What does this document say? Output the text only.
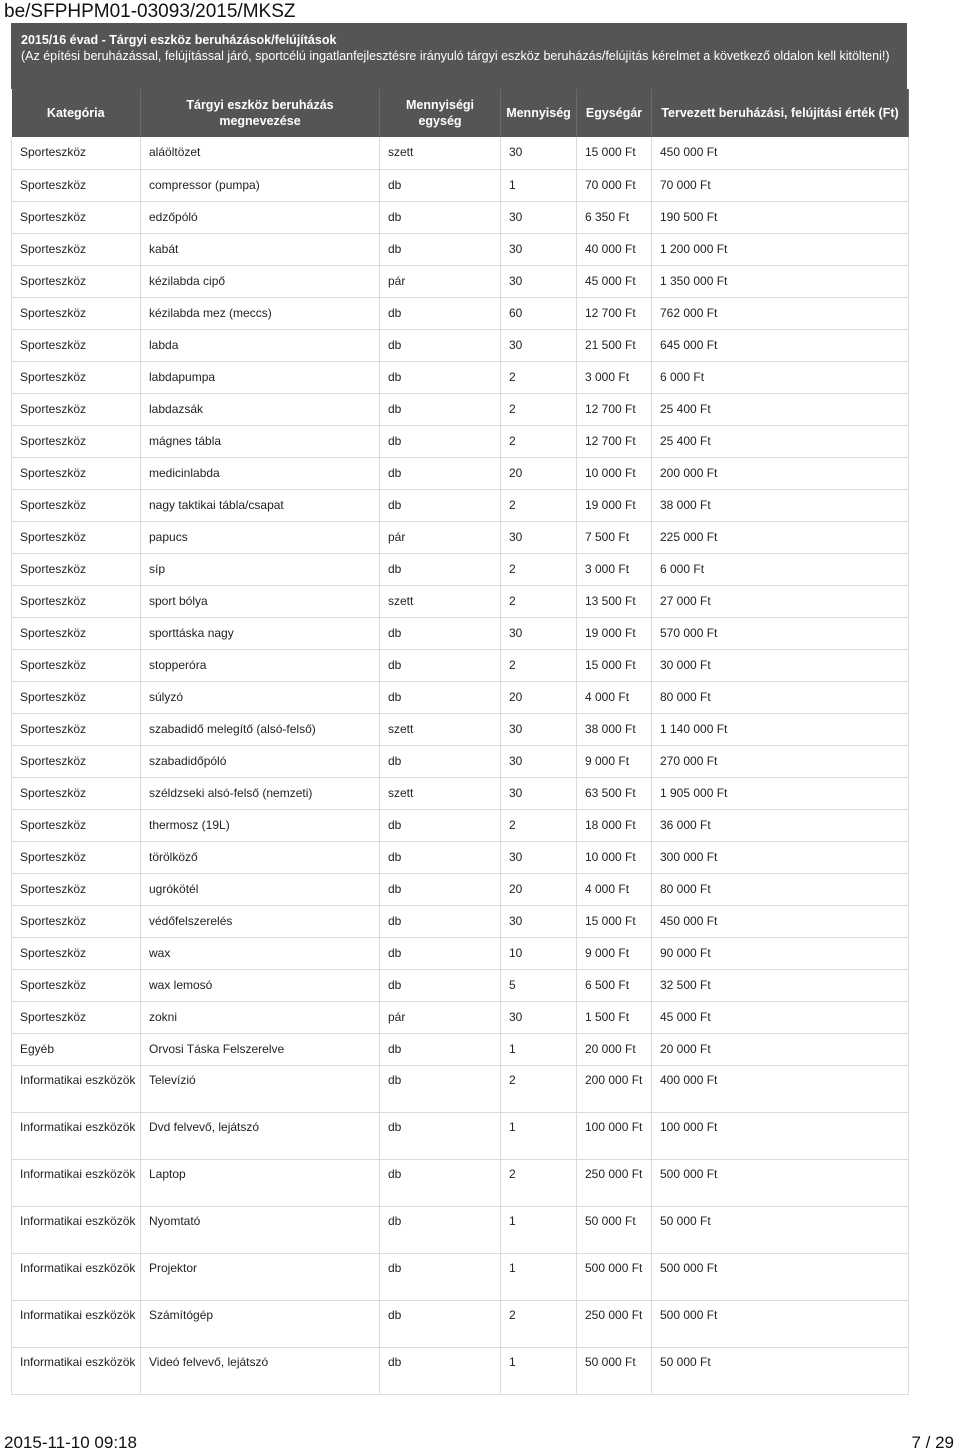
be/SFPHPM01-03093/2015/MKSZ
2015/16 évad - Tárgyi eszköz beruházások/felújítások
(Az építési beruházással, felújítással járó, sportcélú ingatlanfejlesztésre irányuló tárgyi eszköz beruházás/felújítás kérelmet a következő oldalon kell kitölteni!)
Kategória	Tárgyi eszköz beruházás megnevezése	Mennyiségi egység	Mennyiség	Egységár	Tervezett beruházási, felújítási érték (Ft)
Sporteszköz	aláöltözet	szett	30	15 000 Ft	450 000 Ft
Sporteszköz	compressor (pumpa)	db	1	70 000 Ft	70 000 Ft
Sporteszköz	edzőpóló	db	30	6 350 Ft	190 500 Ft
Sporteszköz	kabát	db	30	40 000 Ft	1 200 000 Ft
Sporteszköz	kézilabda cipő	pár	30	45 000 Ft	1 350 000 Ft
Sporteszköz	kézilabda mez (meccs)	db	60	12 700 Ft	762 000 Ft
Sporteszköz	labda	db	30	21 500 Ft	645 000 Ft
Sporteszköz	labdapumpa	db	2	3 000 Ft	6 000 Ft
Sporteszköz	labdazsák	db	2	12 700 Ft	25 400 Ft
Sporteszköz	mágnes tábla	db	2	12 700 Ft	25 400 Ft
Sporteszköz	medicinlabda	db	20	10 000 Ft	200 000 Ft
Sporteszköz	nagy taktikai tábla/csapat	db	2	19 000 Ft	38 000 Ft
Sporteszköz	papucs	pár	30	7 500 Ft	225 000 Ft
Sporteszköz	síp	db	2	3 000 Ft	6 000 Ft
Sporteszköz	sport bólya	szett	2	13 500 Ft	27 000 Ft
Sporteszköz	sporttáska nagy	db	30	19 000 Ft	570 000 Ft
Sporteszköz	stopperóra	db	2	15 000 Ft	30 000 Ft
Sporteszköz	súlyzó	db	20	4 000 Ft	80 000 Ft
Sporteszköz	szabadidő melegítő (alsó-felső)	szett	30	38 000 Ft	1 140 000 Ft
Sporteszköz	szabadidőpóló	db	30	9 000 Ft	270 000 Ft
Sporteszköz	széldzseki alsó-felső (nemzeti)	szett	30	63 500 Ft	1 905 000 Ft
Sporteszköz	thermosz (19L)	db	2	18 000 Ft	36 000 Ft
Sporteszköz	törölköző	db	30	10 000 Ft	300 000 Ft
Sporteszköz	ugrókötél	db	20	4 000 Ft	80 000 Ft
Sporteszköz	védőfelszerelés	db	30	15 000 Ft	450 000 Ft
Sporteszköz	wax	db	10	9 000 Ft	90 000 Ft
Sporteszköz	wax lemosó	db	5	6 500 Ft	32 500 Ft
Sporteszköz	zokni	pár	30	1 500 Ft	45 000 Ft
Egyéb	Orvosi Táska Felszerelve	db	1	20 000 Ft	20 000 Ft
Informatikai eszközök	Televízió	db	2	200 000 Ft	400 000 Ft
Informatikai eszközök	Dvd felvevő, lejátszó	db	1	100 000 Ft	100 000 Ft
Informatikai eszközök	Laptop	db	2	250 000 Ft	500 000 Ft
Informatikai eszközök	Nyomtató	db	1	50 000 Ft	50 000 Ft
Informatikai eszközök	Projektor	db	1	500 000 Ft	500 000 Ft
Informatikai eszközök	Számítógép	db	2	250 000 Ft	500 000 Ft
Informatikai eszközök	Videó felvevő, lejátszó	db	1	50 000 Ft	50 000 Ft
2015-11-10 09:18	7 / 29
